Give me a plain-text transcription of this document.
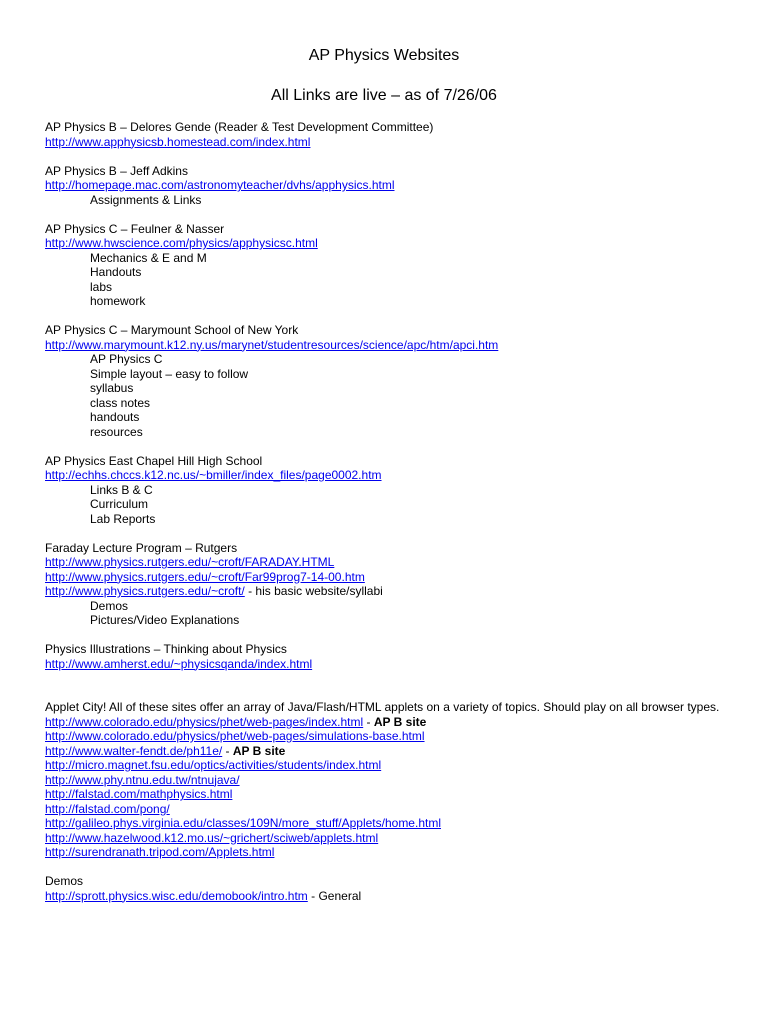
AP Physics Websites
All Links are live – as of 7/26/06
AP Physics B – Delores Gende (Reader & Test Development Committee)
http://www.apphysicsb.homestead.com/index.html
AP Physics B – Jeff Adkins
http://homepage.mac.com/astronomyteacher/dvhs/apphysics.html
Assignments & Links
AP Physics C – Feulner & Nasser
http://www.hwscience.com/physics/apphysicsc.html
Mechanics & E and M
Handouts
labs
homework
AP Physics C – Marymount School of New York
http://www.marymount.k12.ny.us/marynet/studentresources/science/apc/htm/apci.htm
AP Physics C
Simple layout – easy to follow
syllabus
class notes
handouts
resources
AP Physics East Chapel Hill High School
http://echhs.chccs.k12.nc.us/~bmiller/index_files/page0002.htm
Links B & C
Curriculum
Lab Reports
Faraday Lecture Program – Rutgers
http://www.physics.rutgers.edu/~croft/FARADAY.HTML
http://www.physics.rutgers.edu/~croft/Far99prog7-14-00.htm
http://www.physics.rutgers.edu/~croft/ - his basic website/syllabi
Demos
Pictures/Video Explanations
Physics Illustrations – Thinking about Physics
http://www.amherst.edu/~physicsqanda/index.html
Applet City! All of these sites offer an array of Java/Flash/HTML applets on a variety of topics. Should play on all browser types.
http://www.colorado.edu/physics/phet/web-pages/index.html - AP B site
http://www.colorado.edu/physics/phet/web-pages/simulations-base.html
http://www.walter-fendt.de/ph11e/ - AP B site
http://micro.magnet.fsu.edu/optics/activities/students/index.html
http://www.phy.ntnu.edu.tw/ntnujava/
http://falstad.com/mathphysics.html
http://falstad.com/pong/
http://galileo.phys.virginia.edu/classes/109N/more_stuff/Applets/home.html
http://www.hazelwood.k12.mo.us/~grichert/sciweb/applets.html
http://surendranath.tripod.com/Applets.html
Demos
http://sprott.physics.wisc.edu/demobook/intro.htm - General
